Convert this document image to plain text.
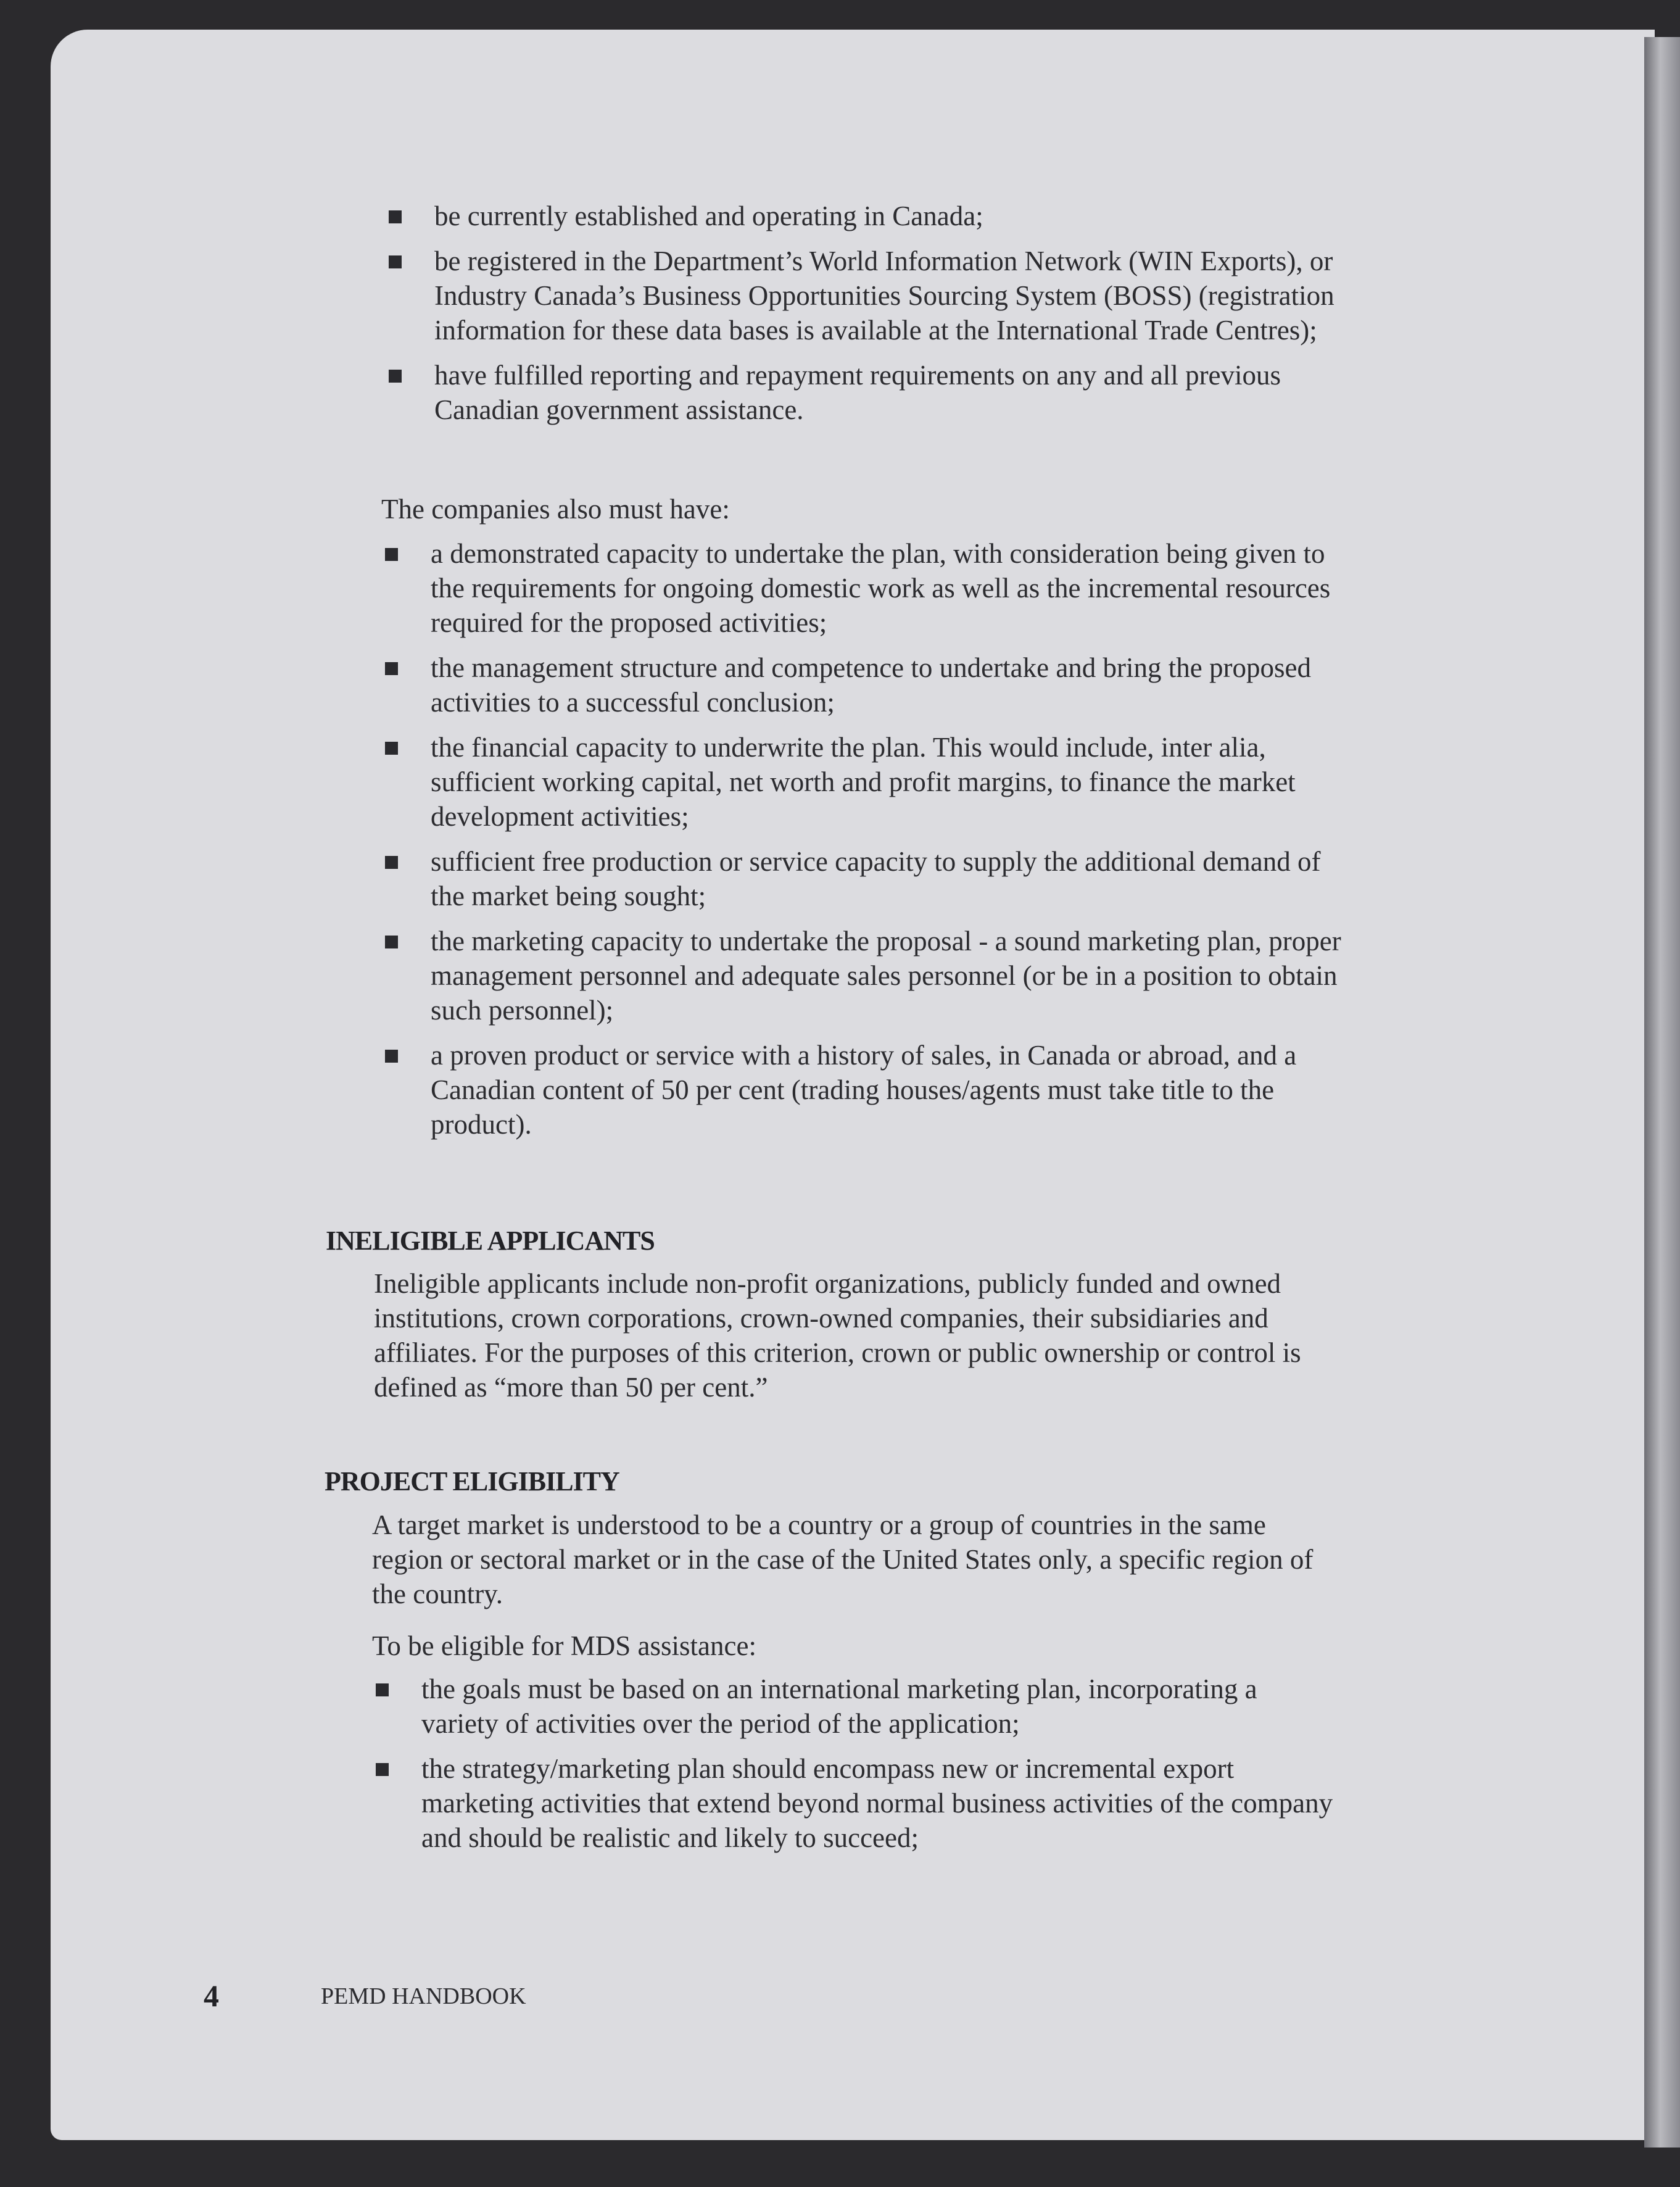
be currently established and operating in Canada;
be registered in the Department’s World Information Network (WIN Exports), or Industry Canada’s Business Opportunities Sourcing System (BOSS) (registration information for these data bases is available at the International Trade Centres);
have fulfilled reporting and repayment requirements on any and all previous Canadian government assistance.

The companies also must have:

a demonstrated capacity to undertake the plan, with consideration being given to the requirements for ongoing domestic work as well as the incremental resources required for the proposed activities;
the management structure and competence to undertake and bring the proposed activities to a successful conclusion;
the financial capacity to underwrite the plan. This would include, inter alia, sufficient working capital, net worth and profit margins, to finance the market development activities;
sufficient free production or service capacity to supply the additional demand of the market being sought;
the marketing capacity to undertake the proposal - a sound marketing plan, proper management personnel and adequate sales personnel (or be in a position to obtain such personnel);
a proven product or service with a history of sales, in Canada or abroad, and a Canadian content of 50 per cent (trading houses/agents must take title to the product).
INELIGIBLE APPLICANTS

Ineligible applicants include non-profit organizations, publicly funded and owned institutions, crown corporations, crown-owned companies, their subsidiaries and affiliates. For the purposes of this criterion, crown or public ownership or control is defined as “more than 50 per cent.”

PROJECT ELIGIBILITY

A target market is understood to be a country or a group of countries in the same region or sectoral market or in the case of the United States only, a specific region of the country.

To be eligible for MDS assistance:

the goals must be based on an international marketing plan, incorporating a variety of activities over the period of the application;
the strategy/marketing plan should encompass new or incremental export marketing activities that extend beyond normal business activities of the company and should be realistic and likely to succeed;
4	PEMD HANDBOOK
